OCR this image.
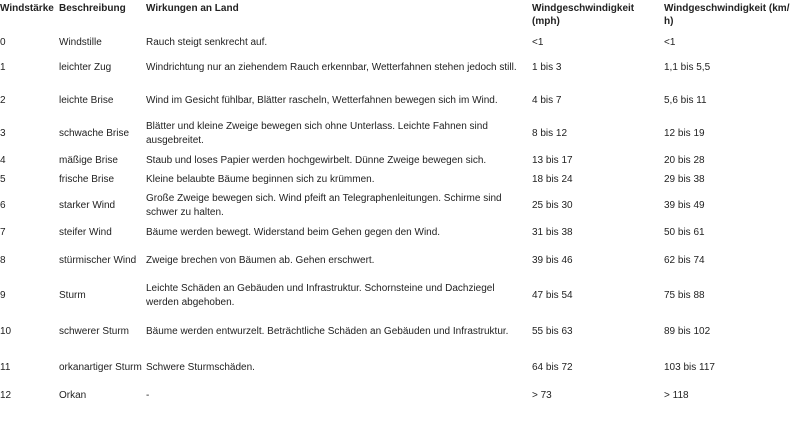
Windstärke	Beschreibung	Wirkungen an Land	Windgeschwindigkeit (mph)	Windgeschwindigkeit (km/ h)
0	Windstille	Rauch steigt senkrecht auf.	<1	<1
1	leichter Zug	Windrichtung nur an ziehendem Rauch erkennbar, Wetterfahnen stehen jedoch still.	1 bis 3	1,1 bis 5,5
2	leichte Brise	Wind im Gesicht fühlbar, Blätter rascheln, Wetterfahnen bewegen sich im Wind.	4 bis 7	5,6 bis 11
3	schwache Brise	Blätter und kleine Zweige bewegen sich ohne Unterlass. Leichte Fahnen sind ausgebreitet.	8 bis 12	12 bis 19
4	mäßige Brise	Staub und loses Papier werden hochgewirbelt. Dünne Zweige bewegen sich.	13 bis 17	20 bis 28
5	frische Brise	Kleine belaubte Bäume beginnen sich zu krümmen.	18 bis 24	29 bis 38
6	starker Wind	Große Zweige bewegen sich. Wind pfeift an Telegraphenleitungen. Schirme sind schwer zu halten.	25 bis 30	39 bis 49
7	steifer Wind	Bäume werden bewegt. Widerstand beim Gehen gegen den Wind.	31 bis 38	50 bis 61
8	stürmischer Wind	Zweige brechen von Bäumen ab. Gehen erschwert.	39 bis 46	62 bis 74
9	Sturm	Leichte Schäden an Gebäuden und Infrastruktur. Schornsteine und Dachziegel werden abgehoben.	47 bis 54	75 bis 88
10	schwerer Sturm	Bäume werden entwurzelt. Beträchtliche Schäden an Gebäuden und Infrastruktur.	55 bis 63	89 bis 102
11	orkanartiger Sturm	Schwere Sturmschäden.	64 bis 72	103 bis 117
12	Orkan	-	> 73	> 118
